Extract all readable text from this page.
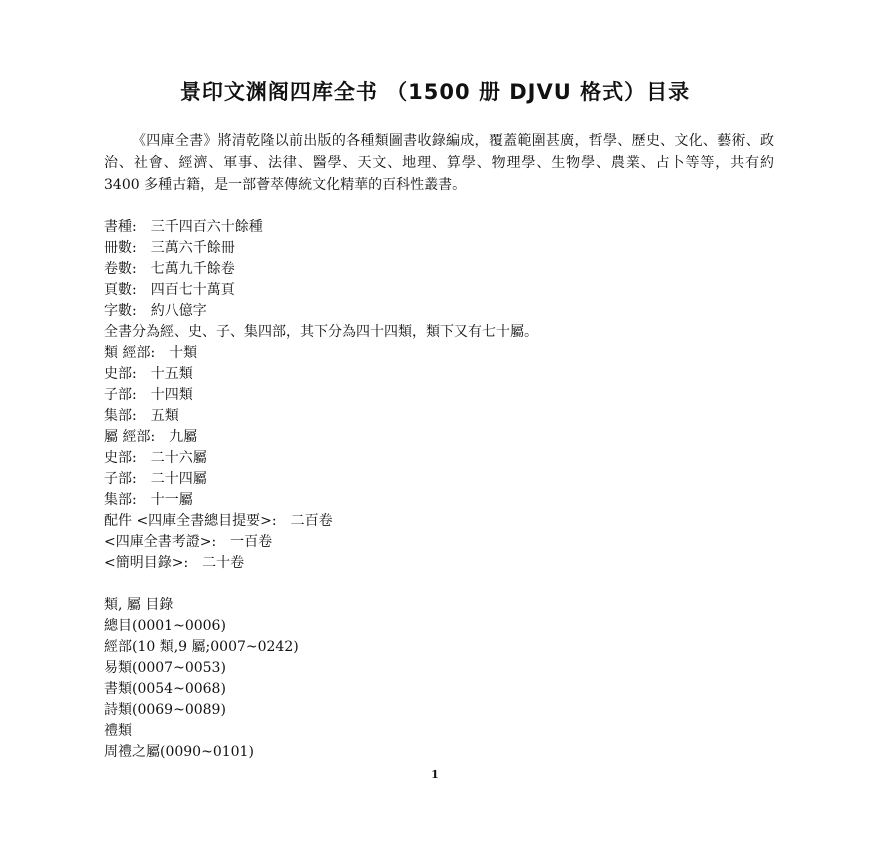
景印文渊阁四库全书 （1500 册 DJVU 格式）目录
《四庫全書》將清乾隆以前出版的各種類圖書收錄編成，覆蓋範圍甚廣，哲學、歷史、文化、藝術、政治、社會、經濟、軍事、法律、醫學、天文、地理、算學、物理學、生物學、農業、占卜等等，共有約 3400 多種古籍，是一部薈萃傳統文化精華的百科性叢書。
書種:　三千四百六十餘種
冊數:　三萬六千餘冊
卷數:　七萬九千餘卷
頁數:　四百七十萬頁
字數:　約八億字
全書分為經、史、子、集四部，其下分為四十四類，類下又有七十屬。
類 經部:　十類
史部:　十五類
子部:　十四類
集部:　五類
屬 經部:　九屬
史部:　二十六屬
子部:　二十四屬
集部:　十一屬
配件 <四庫全書總目提要>:　二百卷
<四庫全書考證>:　一百卷
<簡明目錄>:　二十卷
類, 屬 目錄
總目(0001~0006)
經部(10 類,9 屬;0007~0242)
易類(0007~0053)
書類(0054~0068)
詩類(0069~0089)
禮類
周禮之屬(0090~0101)
1
